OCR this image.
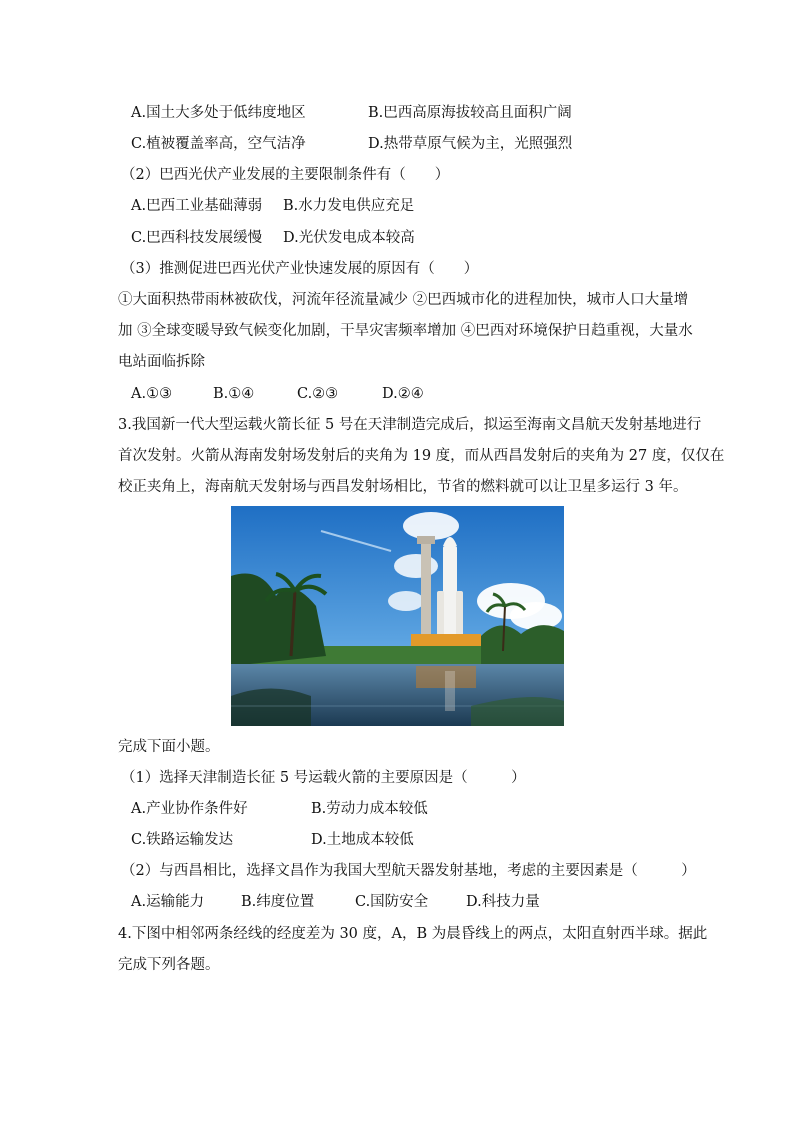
A.国土大多处于低纬度地区	B.巴西高原海拔较高且面积广阔
C.植被覆盖率高，空气洁净	D.热带草原气候为主，光照强烈
（2）巴西光伏产业发展的主要限制条件有（　　）
A.巴西工业基础薄弱 B.水力发电供应充足
C.巴西科技发展缓慢 D.光伏发电成本较高
（3）推测促进巴西光伏产业快速发展的原因有（　　）
①大面积热带雨林被砍伐，河流年径流量减少 ②巴西城市化的进程加快，城市人口大量增
加 ③全球变暖导致气候变化加剧，干旱灾害频率增加 ④巴西对环境保护日趋重视，大量水
电站面临拆除
A.①③	B.①④	C.②③	D.②④
3.我国新一代大型运载火箭长征 5 号在天津制造完成后，拟运至海南文昌航天发射基地进行
首次发射。火箭从海南发射场发射后的夹角为 19 度，而从西昌发射后的夹角为 27 度，仅仅在
校正夹角上，海南航天发射场与西昌发射场相比，节省的燃料就可以让卫星多运行 3 年。
完成下面小题。
（1）选择天津制造长征 5 号运载火箭的主要原因是（　　　）
A.产业协作条件好	B.劳动力成本较低
C.铁路运输发达	D.土地成本较低
（2）与西昌相比，选择文昌作为我国大型航天器发射基地，考虑的主要因素是（　　　）
A.运输能力	B.纬度位置	C.国防安全	D.科技力量
4.下图中相邻两条经线的经度差为 30 度，A，B 为晨昏线上的两点，太阳直射西半球。据此
完成下列各题。
